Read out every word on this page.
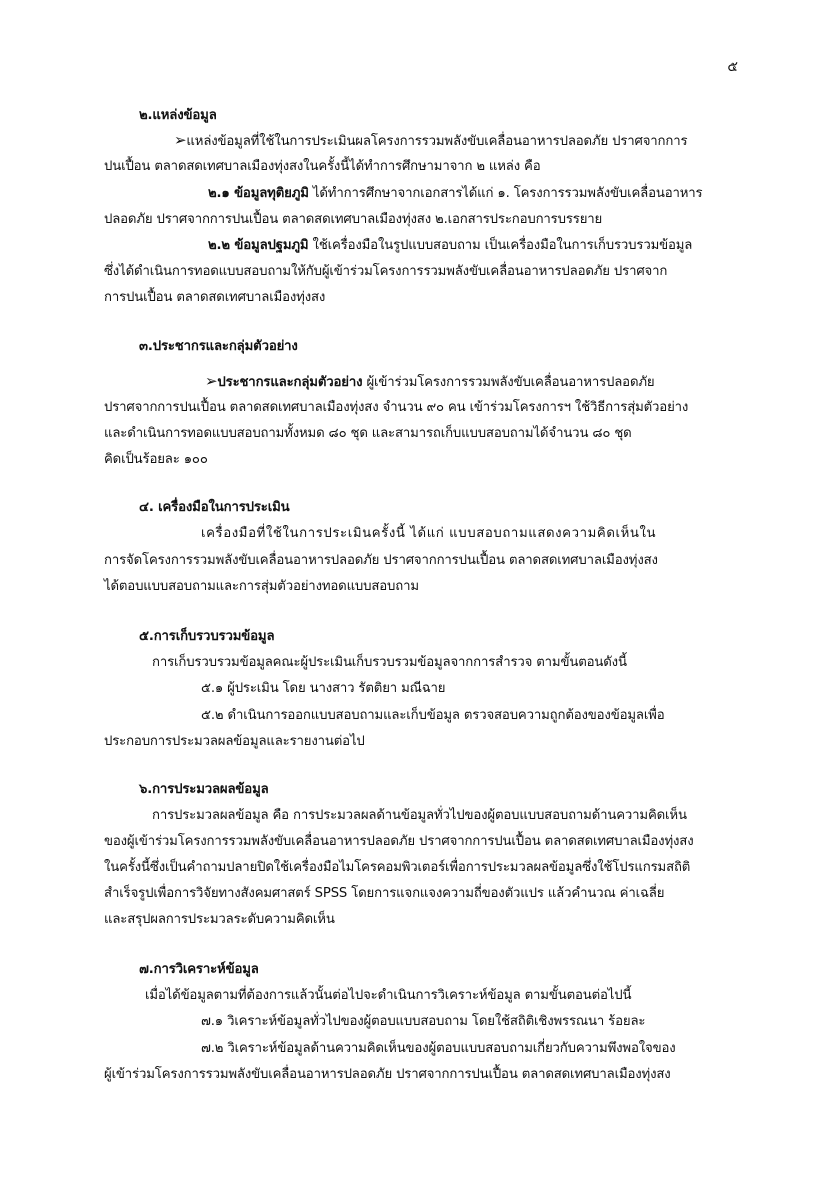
๕
๒.แหล่งข้อมูล
➢แหล่งข้อมูลที่ใช้ในการประเมินผลโครงการรวมพลังขับเคลื่อนอาหารปลอดภัย ปราศจากการ
ปนเปื้อน ตลาดสดเทศบาลเมืองทุ่งสงในครั้งนี้ได้ทำการศึกษามาจาก ๒ แหล่ง คือ
๒.๑ ข้อมูลทุติยภูมิ ได้ทำการศึกษาจากเอกสารได้แก่ ๑. โครงการรวมพลังขับเคลื่อนอาหาร
ปลอดภัย ปราศจากการปนเปื้อน ตลาดสดเทศบาลเมืองทุ่งสง ๒.เอกสารประกอบการบรรยาย
๒.๒ ข้อมูลปฐมภูมิ ใช้เครื่องมือในรูปแบบสอบถาม เป็นเครื่องมือในการเก็บรวบรวมข้อมูล
ซึ่งได้ดำเนินการทอดแบบสอบถามให้กับผู้เข้าร่วมโครงการรวมพลังขับเคลื่อนอาหารปลอดภัย ปราศจาก
การปนเปื้อน ตลาดสดเทศบาลเมืองทุ่งสง
๓.ประชากรและกลุ่มตัวอย่าง
➢ประชากรและกลุ่มตัวอย่าง ผู้เข้าร่วมโครงการรวมพลังขับเคลื่อนอาหารปลอดภัย
ปราศจากการปนเปื้อน ตลาดสดเทศบาลเมืองทุ่งสง จำนวน ๙๐ คน เข้าร่วมโครงการฯ ใช้วิธีการสุ่มตัวอย่าง
และดำเนินการทอดแบบสอบถามทั้งหมด ๘๐ ชุด และสามารถเก็บแบบสอบถามได้จำนวน ๘๐ ชุด
คิดเป็นร้อยละ ๑๐๐
๔. เครื่องมือในการประเมิน
เครื่องมือที่ใช้ในการประเมินครั้งนี้ ได้แก่ แบบสอบถามแสดงความคิดเห็นใน
การจัดโครงการรวมพลังขับเคลื่อนอาหารปลอดภัย ปราศจากการปนเปื้อน ตลาดสดเทศบาลเมืองทุ่งสง
ได้ตอบแบบสอบถามและการสุ่มตัวอย่างทอดแบบสอบถาม
๕.การเก็บรวบรวมข้อมูล
การเก็บรวบรวมข้อมูลคณะผู้ประเมินเก็บรวบรวมข้อมูลจากการสำรวจ ตามขั้นตอนดังนี้
๕.๑ ผู้ประเมิน โดย นางสาว รัตติยา มณีฉาย
๕.๒ ดำเนินการออกแบบสอบถามและเก็บข้อมูล ตรวจสอบความถูกต้องของข้อมูลเพื่อ
ประกอบการประมวลผลข้อมูลและรายงานต่อไป
๖.การประมวลผลข้อมูล
การประมวลผลข้อมูล คือ การประมวลผลด้านข้อมูลทั่วไปของผู้ตอบแบบสอบถามด้านความคิดเห็น
ของผู้เข้าร่วมโครงการรวมพลังขับเคลื่อนอาหารปลอดภัย ปราศจากการปนเปื้อน ตลาดสดเทศบาลเมืองทุ่งสง
ในครั้งนี้ซึ่งเป็นคำถามปลายปิดใช้เครื่องมือไมโครคอมพิวเตอร์เพื่อการประมวลผลข้อมูลซึ่งใช้โปรแกรมสถิติ
สำเร็จรูปเพื่อการวิจัยทางสังคมศาสตร์ SPSS โดยการแจกแจงความถี่ของตัวแปร แล้วคำนวณ ค่าเฉลี่ย
และสรุปผลการประมวลระดับความคิดเห็น
๗.การวิเคราะห์ข้อมูล
เมื่อได้ข้อมูลตามที่ต้องการแล้วนั้นต่อไปจะดำเนินการวิเคราะห์ข้อมูล ตามขั้นตอนต่อไปนี้
๗.๑ วิเคราะห์ข้อมูลทั่วไปของผู้ตอบแบบสอบถาม โดยใช้สถิติเชิงพรรณนา ร้อยละ
๗.๒ วิเคราะห์ข้อมูลด้านความคิดเห็นของผู้ตอบแบบสอบถามเกี่ยวกับความพึงพอใจของ
ผู้เข้าร่วมโครงการรวมพลังขับเคลื่อนอาหารปลอดภัย ปราศจากการปนเปื้อน ตลาดสดเทศบาลเมืองทุ่งสง
